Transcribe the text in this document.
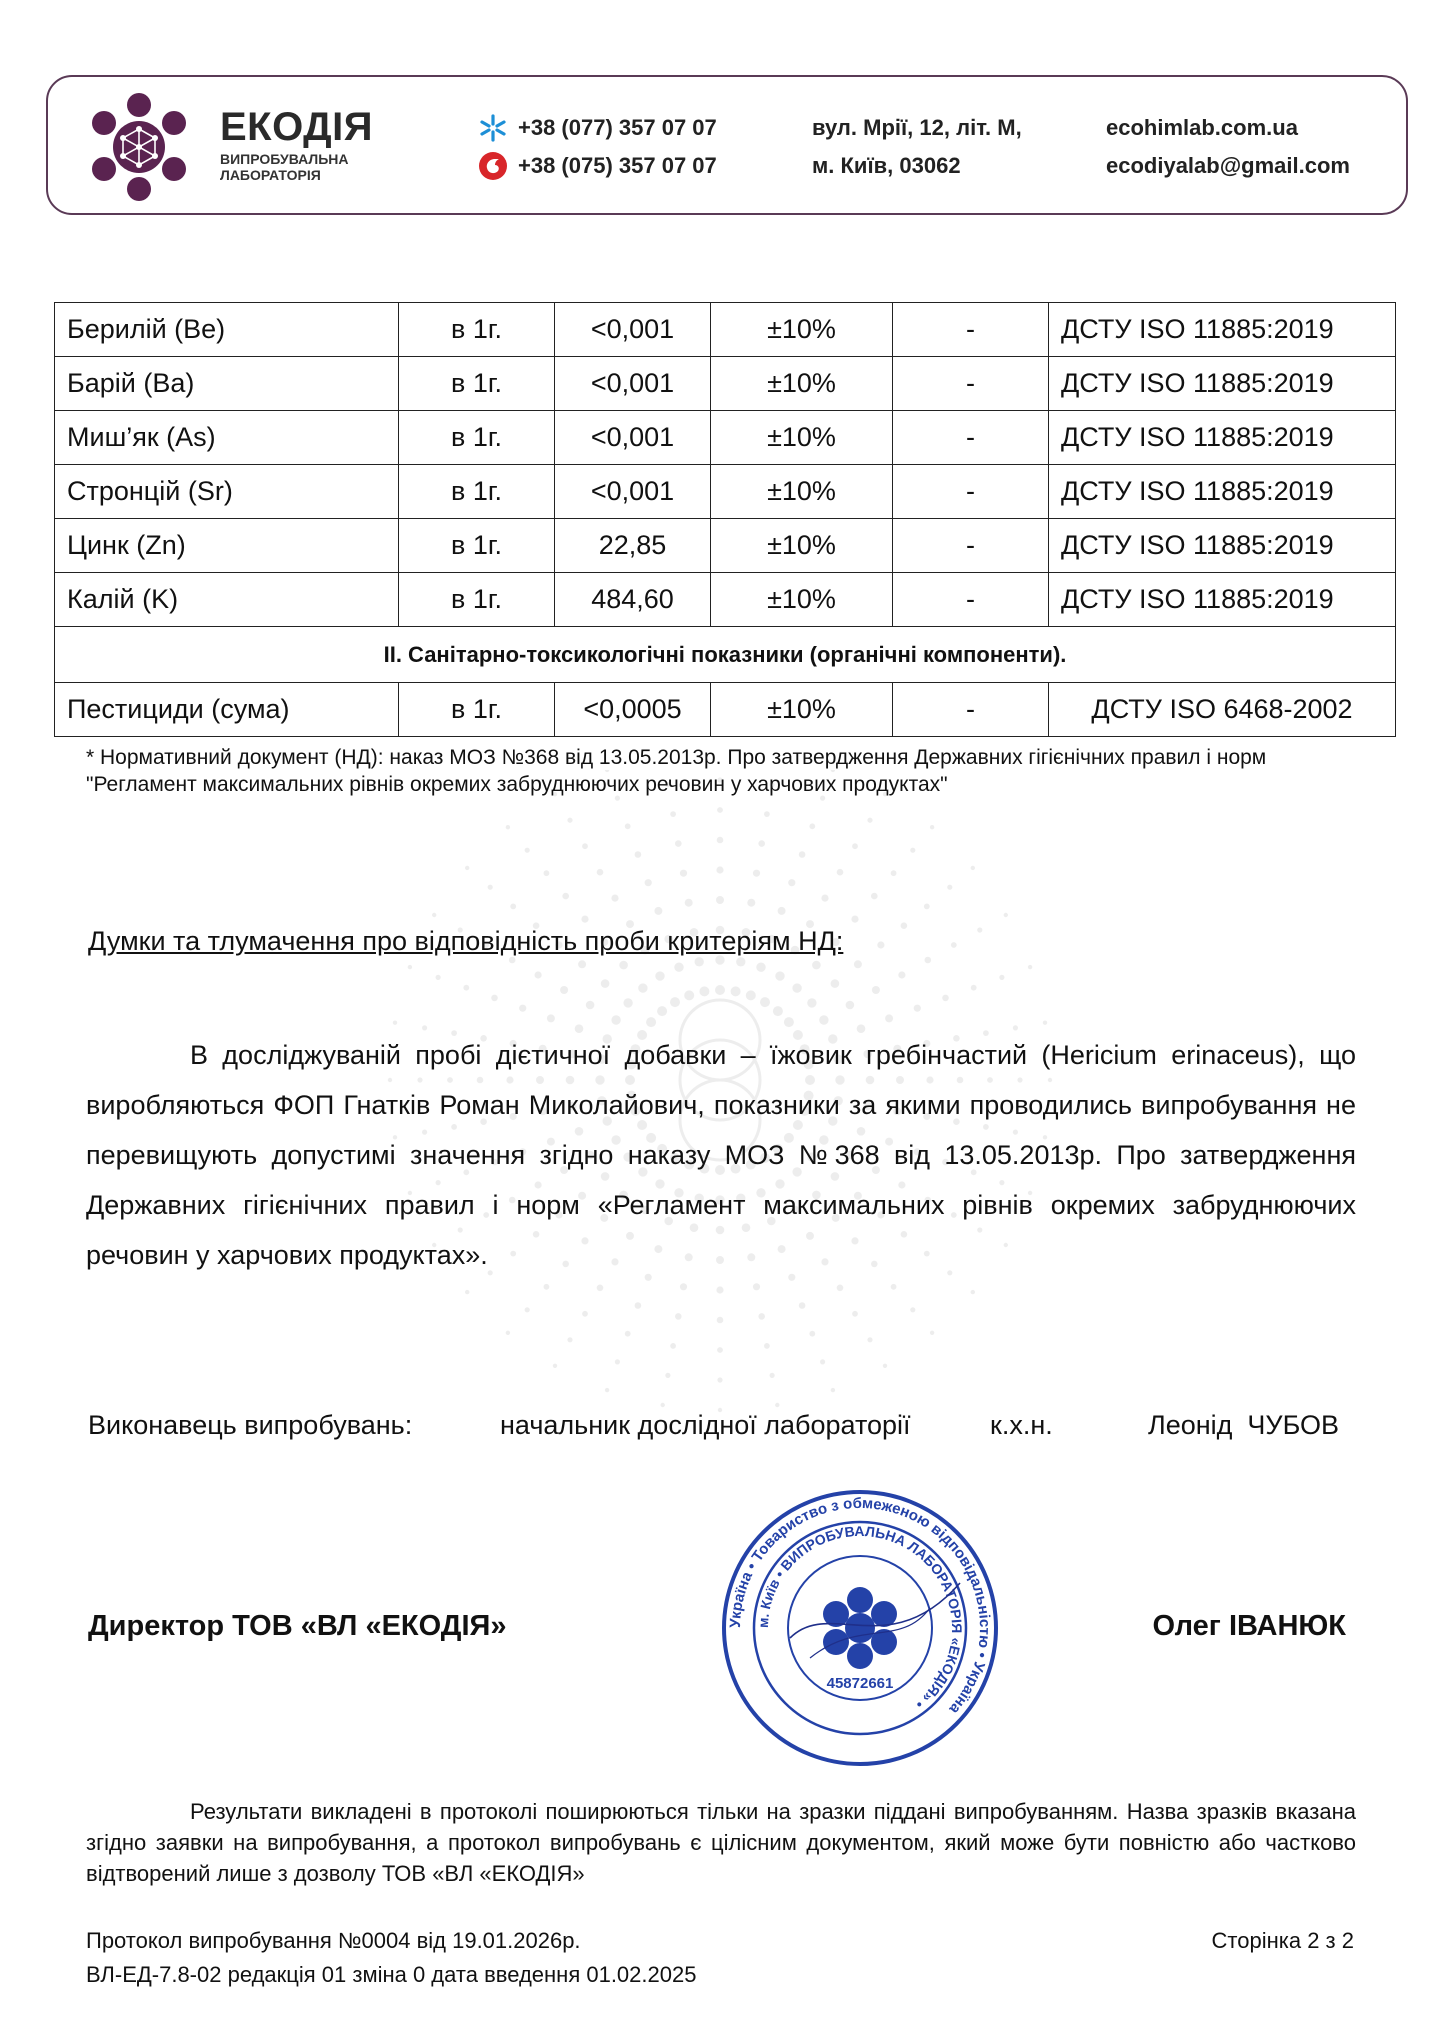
ЕКОДІЯ
ВИПРОБУВАЛЬНА
ЛАБОРАТОРІЯ
+38 (077) 357 07 07
+38 (075) 357 07 07
вул. Мрії, 12, літ. М,
м. Київ, 03062
ecohimlab.com.ua
ecodiyalab@gmail.com
Берилій (Be)	в 1г.	<0,001	±10%	-	ДСТУ ISO 11885:2019
Барій (Ba)	в 1г.	<0,001	±10%	-	ДСТУ ISO 11885:2019
Миш’як (As)	в 1г.	<0,001	±10%	-	ДСТУ ISO 11885:2019
Стронцій (Sr)	в 1г.	<0,001	±10%	-	ДСТУ ISO 11885:2019
Цинк (Zn)	в 1г.	22,85	±10%	-	ДСТУ ISO 11885:2019
Калій (K)	в 1г.	484,60	±10%	-	ДСТУ ISO 11885:2019
ІІ. Санітарно-токсикологічні показники (органічні компоненти).					
Пестициди (сума)	в 1г.	<0,0005	±10%	-	ДСТУ ISO 6468-2002
* Нормативний документ (НД): наказ МОЗ №368 від 13.05.2013р. Про затвердження Державних гігієнічних правил і норм "Регламент максимальних рівнів окремих забруднюючих речовин у харчових продуктах"
Думки та тлумачення про відповідність проби критеріям НД:
В досліджуваній пробі дієтичної добавки – їжовик гребінчастий (Hericium erinaceus), що виробляються ФОП Гнатків Роман Миколайович, показники за якими проводились випробування не перевищують допустимі значення згідно наказу МОЗ №368 від 13.05.2013р. Про затвердження Державних гігієнічних правил і норм «Регламент максимальних рівнів окремих забруднюючих речовин у харчових продуктах».
Виконавець випробувань:	начальник дослідної лабораторії	к.х.н.	Леонід  ЧУБОВ
Директор ТОВ «ВЛ «ЕКОДІЯ»	Олег ІВАНЮК
Україна • Товариство з обмеженою відповідальністю • Україна
м. Київ • ВИПРОБУВАЛЬНА ЛАБОРАТОРІЯ «ЕКОДІЯ» •
45872661
Результати викладені в протоколі поширюються тільки на зразки піддані випробуванням. Назва зразків вказана згідно заявки на випробування, а протокол випробувань є цілісним документом, який може бути повністю або частково відтворений лише з дозволу ТОВ «ВЛ «ЕКОДІЯ»
Протокол випробування №0004 від 19.01.2026р.
ВЛ-ЕД-7.8-02 редакція 01 зміна 0 дата введення 01.02.2025
Сторінка 2 з 2
